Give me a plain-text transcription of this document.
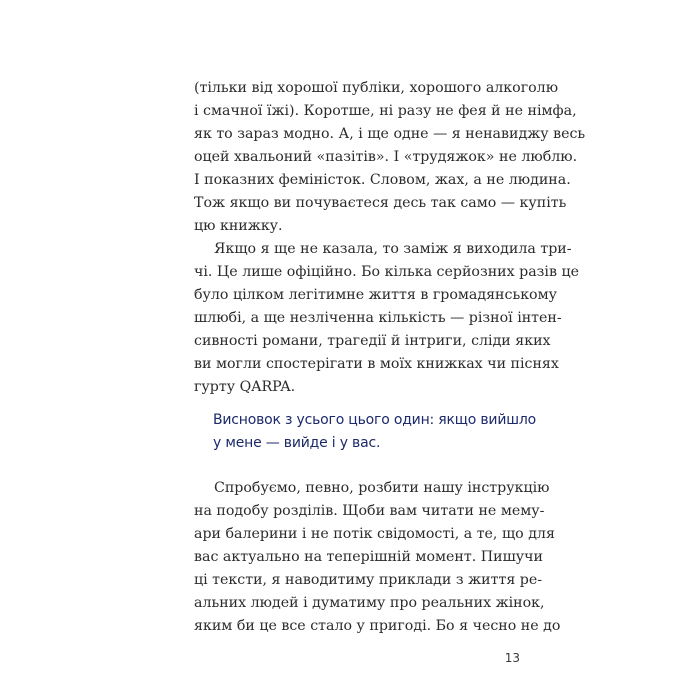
(тільки від хорошої публіки, хорошого алкоголю
і смачної їжі). Коротше, ні разу не фея й не німфа,
як то зараз модно. А, і ще одне — я ненавиджу весь
оцей хвальоний «пазітів». І «трудяжок» не люблю.
І показних феміністок. Словом, жах, а не людина.
Тож якщо ви почуваєтеся десь так само — купіть
цю книжку.
Якщо я ще не казала, то заміж я виходила три-
чі. Це лише офіційно. Бо кілька серйозних разів це
було цілком легітимне життя в громадянському
шлюбі, а ще незліченна кількість — різної інтен-
сивності романи, трагедії й інтриги, сліди яких
ви могли спостерігати в моїх книжках чи піснях
гурту QARPA.
Висновок з усього цього один: якщо вийшло
у мене — вийде і у вас.
Спробуємо, певно, розбити нашу інструкцію
на подобу розділів. Щоби вам читати не мему-
ари балерини і не потік свідомості, а те, що для
вас актуально на теперішній момент. Пишучи
ці тексти, я наводитиму приклади з життя ре-
альних людей і думатиму про реальних жінок,
яким би це все стало у пригоді. Бо я чесно не до
13
